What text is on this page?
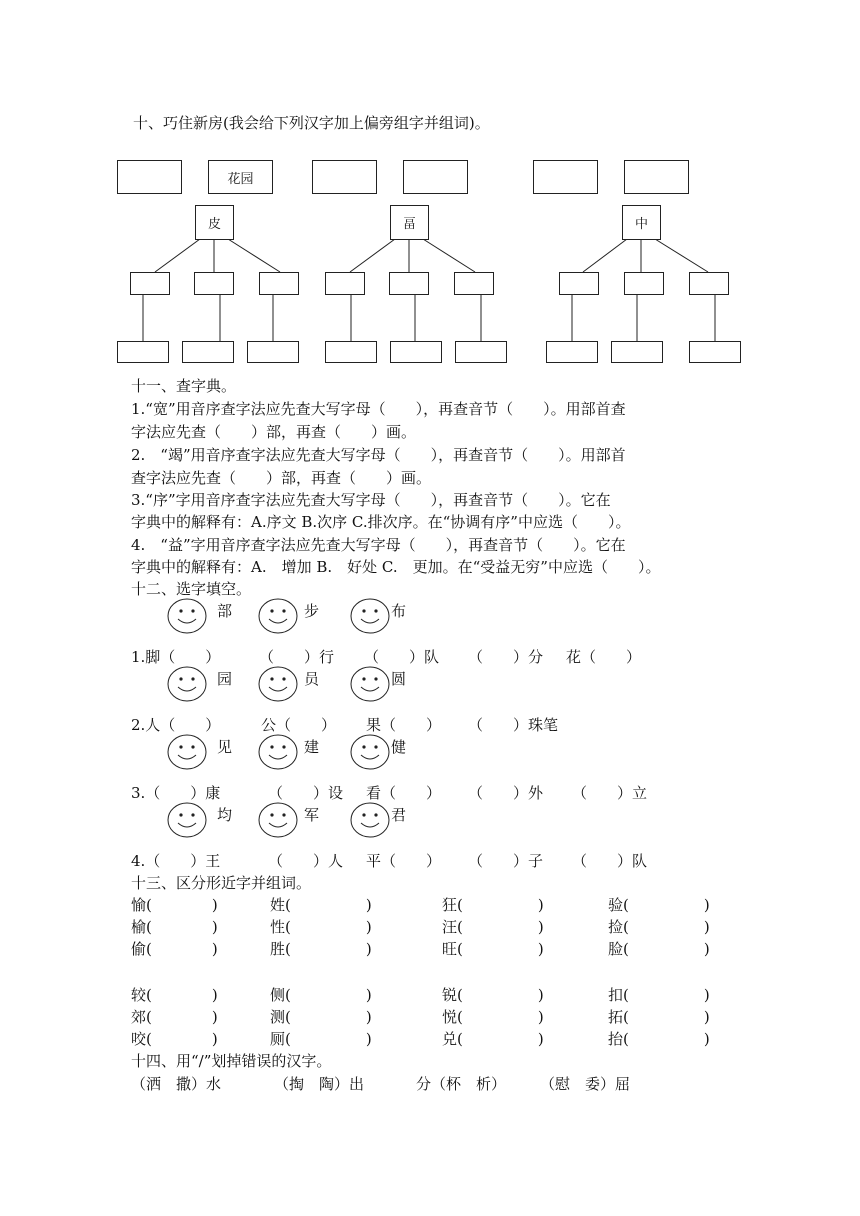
十、巧住新房(我会给下列汉字加上偏旁组字并组词)。
花园
皮	畐	中
十一、查字典。
1.“宽”用音序查字法应先查大写字母（　　），再查音节（　　）。用部首查
字法应先查（　　）部，再查（　　）画。
2.　“竭”用音序查字法应先查大写字母（　　），再查音节（　　）。用部首
查字法应先查（　　）部，再查（　　）画。
3.“序”字用音序查字法应先查大写字母（　　），再查音节（　　）。它在
字典中的解释有：A.序文 B.次序 C.排次序。在“协调有序”中应选（　　）。
4.　“益”字用音序查字法应先查大写字母（　　），再查音节（　　）。它在
字典中的解释有：A.　增加 B.　好处 C.　更加。在“受益无穷”中应选（　　）。
十二、选字填空。
部	步	布
1.脚（　　）	（　　）行 （　　）队 （　　）分 花（　　）
园	员	圆
2.人（　　）	公（　　） 果（　　） （　　）珠笔
见	建	健
3.（　　）康	（　　）设 看（　　） （　　）外 （　　）立
均	军	君
4.（　　）王	（　　）人 平（　　） （　　）子 （　　）队
十三、区分形近字并组词。
愉(　　　　)	姓(　　　　　)	狂(　　　　　)	验(　　　　　)
榆(　　　　)	性(　　　　　)	汪(　　　　　)	捡(　　　　　)
偷(　　　　)	胜(　　　　　)	旺(　　　　　)	脸(　　　　　)
较(　　　　)	侧(　　　　　)	锐(　　　　　)	扣(　　　　　)
郊(　　　　)	测(　　　　　)	悦(　　　　　)	拓(　　　　　)
咬(　　　　)	厕(　　　　　)	兑(　　　　　)	抬(　　　　　)
十四、用“/”划掉错误的汉字。
（洒　撒）水	（掏　陶）出	分（杯　析） （慰　委）屈
